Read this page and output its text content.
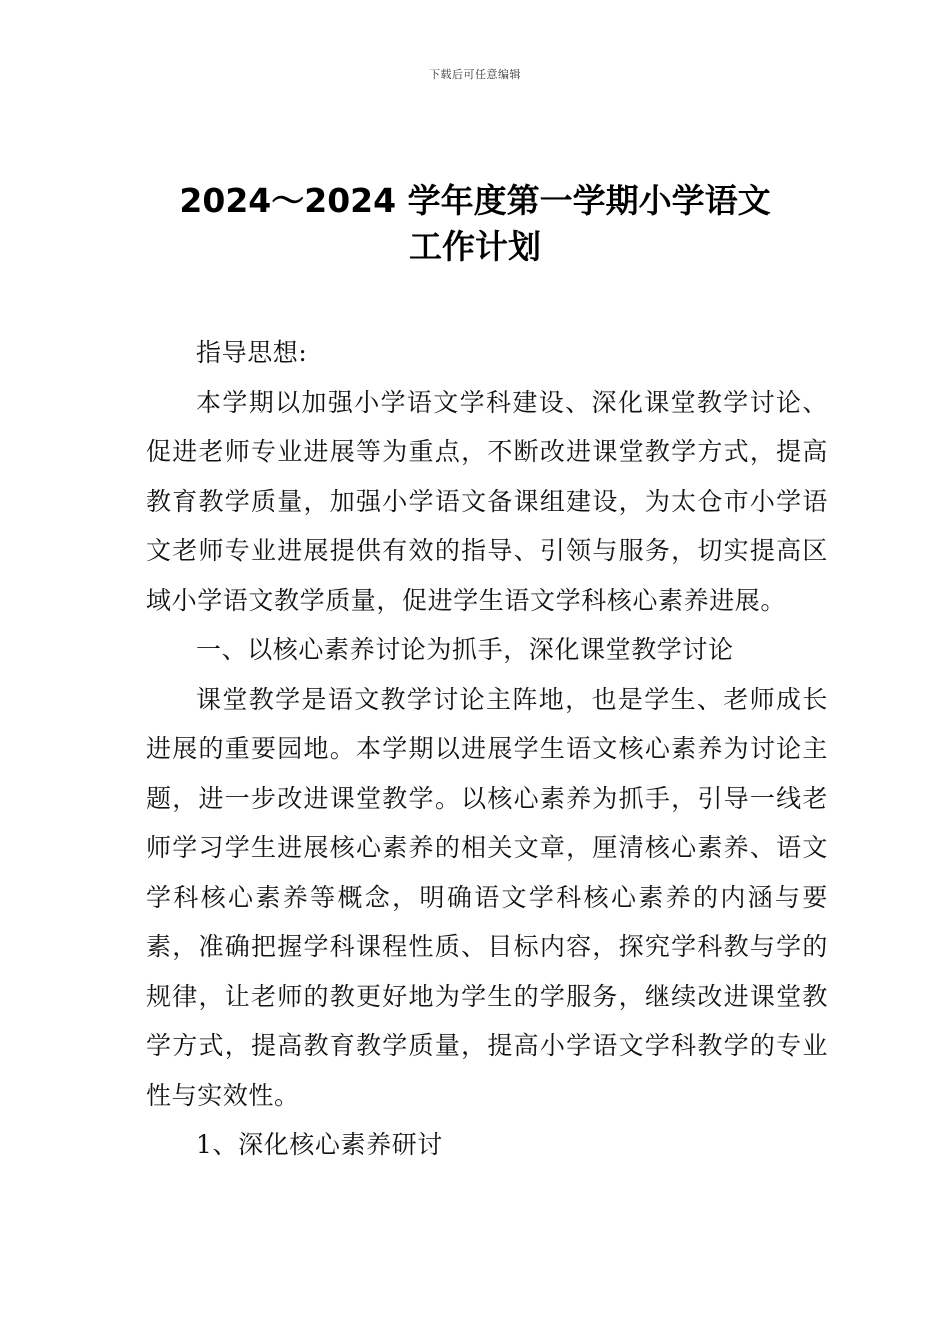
下载后可任意编辑
2024～2024 学年度第一学期小学语文
工作计划

指导思想:

本学期以加强小学语文学科建设、深化课堂教学讨论、促进老师专业进展等为重点，不断改进课堂教学方式，提高教育教学质量，加强小学语文备课组建设，为太仓市小学语文老师专业进展提供有效的指导、引领与服务，切实提高区域小学语文教学质量，促进学生语文学科核心素养进展。

一、以核心素养讨论为抓手，深化课堂教学讨论

课堂教学是语文教学讨论主阵地，也是学生、老师成长进展的重要园地。本学期以进展学生语文核心素养为讨论主题，进一步改进课堂教学。以核心素养为抓手，引导一线老师学习学生进展核心素养的相关文章，厘清核心素养、语文学科核心素养等概念，明确语文学科核心素养的内涵与要素，准确把握学科课程性质、目标内容，探究学科教与学的规律，让老师的教更好地为学生的学服务，继续改进课堂教学方式，提高教育教学质量，提高小学语文学科教学的专业性与实效性。

1、深化核心素养研讨
